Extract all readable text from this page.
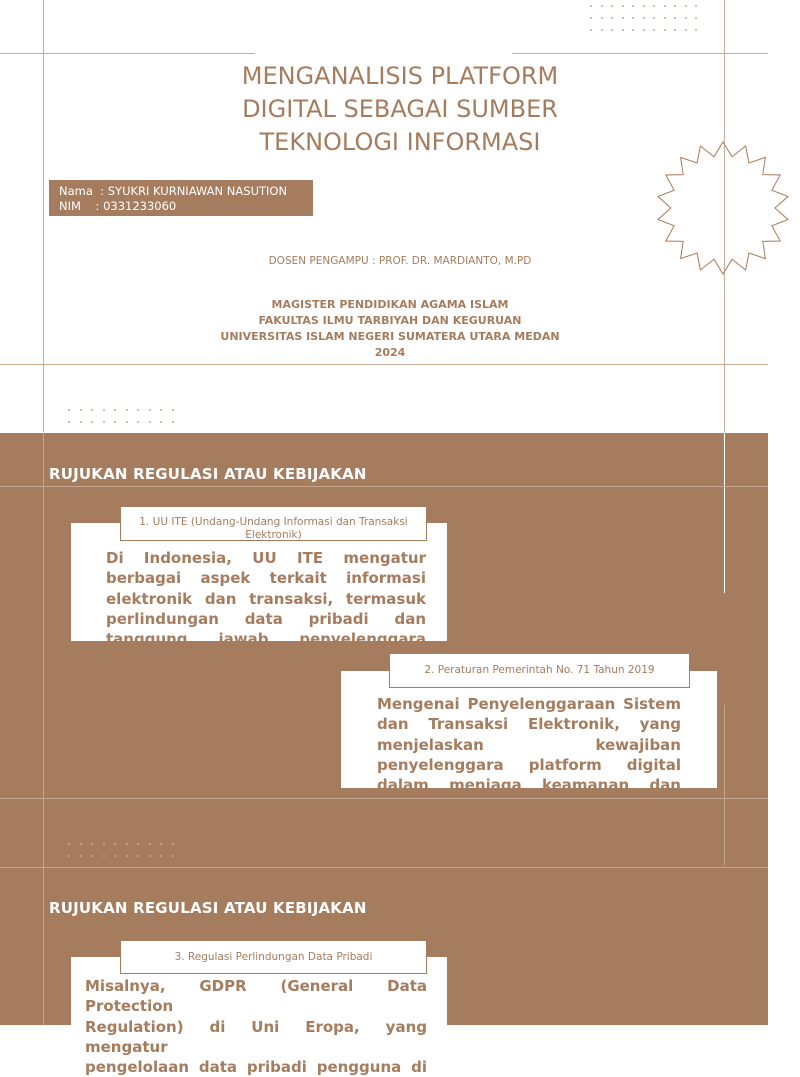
MENGANALISIS PLATFORM
DIGITAL SEBAGAI SUMBER
TEKNOLOGI INFORMASI
Nama  : SYUKRI KURNIAWAN NASUTION
NIM    : 0331233060
DOSEN PENGAMPU : PROF. DR. MARDIANTO, M.PD
MAGISTER PENDIDIKAN AGAMA ISLAM
FAKULTAS ILMU TARBIYAH DAN KEGURUAN
UNIVERSITAS ISLAM NEGERI SUMATERA UTARA MEDAN
2024
RUJUKAN REGULASI ATAU KEBIJAKAN
Di Indonesia, UU ITE mengatur
berbagai aspek terkait informasi
elektronik dan transaksi, termasuk
perlindungan data pribadi dan
tanggung jawab penyelenggara
1. UU ITE (Undang-Undang Informasi dan Transaksi Elektronik)
Mengenai Penyelenggaraan Sistem
dan Transaksi Elektronik, yang
menjelaskan kewajiban
penyelenggara platform digital
dalam menjaga keamanan dan
2. Peraturan Pemerintah No. 71 Tahun 2019
RUJUKAN REGULASI ATAU KEBIJAKAN
Misalnya, GDPR (General Data Protection
Regulation) di Uni Eropa, yang mengatur
pengelolaan data pribadi pengguna di
3. Regulasi Perlindungan Data Pribadi
